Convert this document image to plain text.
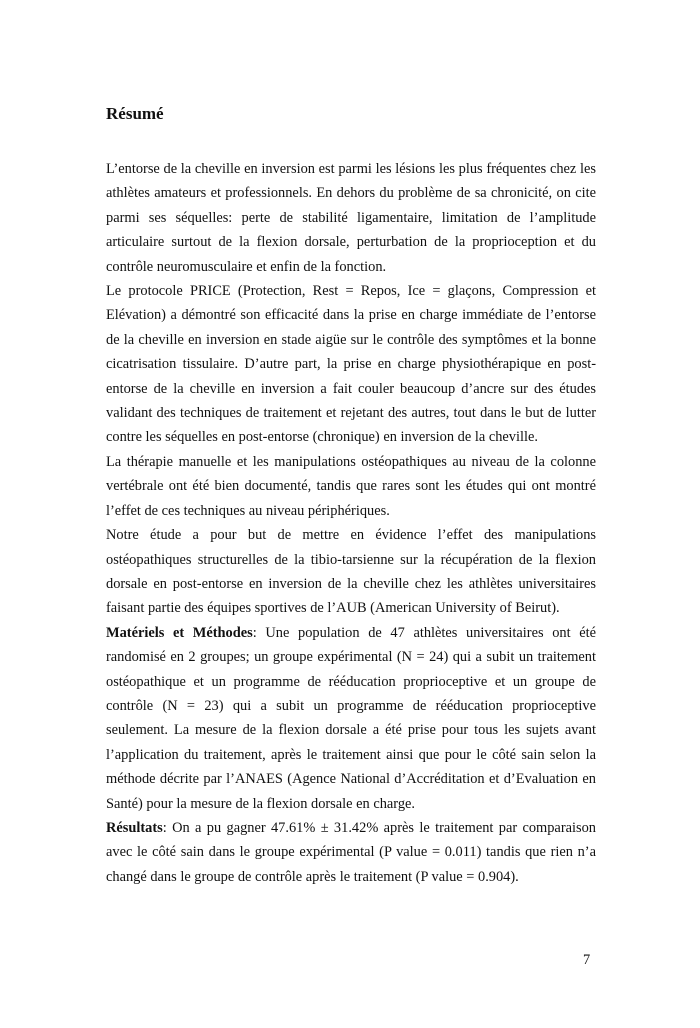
Résumé

L’entorse de la cheville en inversion est parmi les lésions les plus fréquentes chez les athlètes amateurs et professionnels. En dehors du problème de sa chronicité, on cite parmi ses séquelles: perte de stabilité ligamentaire, limitation de l’amplitude articulaire surtout de la flexion dorsale, perturbation de la proprioception et du contrôle neuromusculaire et enfin de la fonction.

Le protocole PRICE (Protection, Rest = Repos, Ice = glaçons, Compression et Elévation) a démontré son efficacité dans la prise en charge immédiate de l’entorse de la cheville en inversion en stade aigüe sur le contrôle des symptômes et la bonne cicatrisation tissulaire. D’autre part, la prise en charge physiothérapique en post-entorse de la cheville en inversion a fait couler beaucoup d’ancre sur des études validant des techniques de traitement et rejetant des autres, tout dans le but de lutter contre les séquelles en post-entorse (chronique) en inversion de la cheville.

La thérapie manuelle et les manipulations ostéopathiques au niveau de la colonne vertébrale ont été bien documenté, tandis que rares sont les études qui ont montré l’effet de ces techniques au niveau périphériques.

Notre étude a pour but de mettre en évidence l’effet des manipulations ostéopathiques structurelles de la tibio-tarsienne sur la récupération de la flexion dorsale en post-entorse en inversion de la cheville chez les athlètes universitaires faisant partie des équipes sportives de l’AUB (American University of Beirut).

Matériels et Méthodes: Une population de 47 athlètes universitaires ont été randomisé en 2 groupes; un groupe expérimental (N = 24) qui a subit un traitement ostéopathique et un programme de rééducation proprioceptive et un groupe de contrôle (N = 23) qui a subit un programme de rééducation proprioceptive seulement. La mesure de la flexion dorsale a été prise pour tous les sujets avant l’application du traitement, après le traitement ainsi que pour le côté sain selon la méthode décrite par l’ANAES (Agence National d’Accréditation et d’Evaluation en Santé) pour la mesure de la flexion dorsale en charge.

Résultats: On a pu gagner 47.61% ± 31.42% après le traitement par comparaison avec le côté sain dans le groupe expérimental (P value = 0.011) tandis que rien n’a changé dans le groupe de contrôle après le traitement (P value = 0.904).

7
